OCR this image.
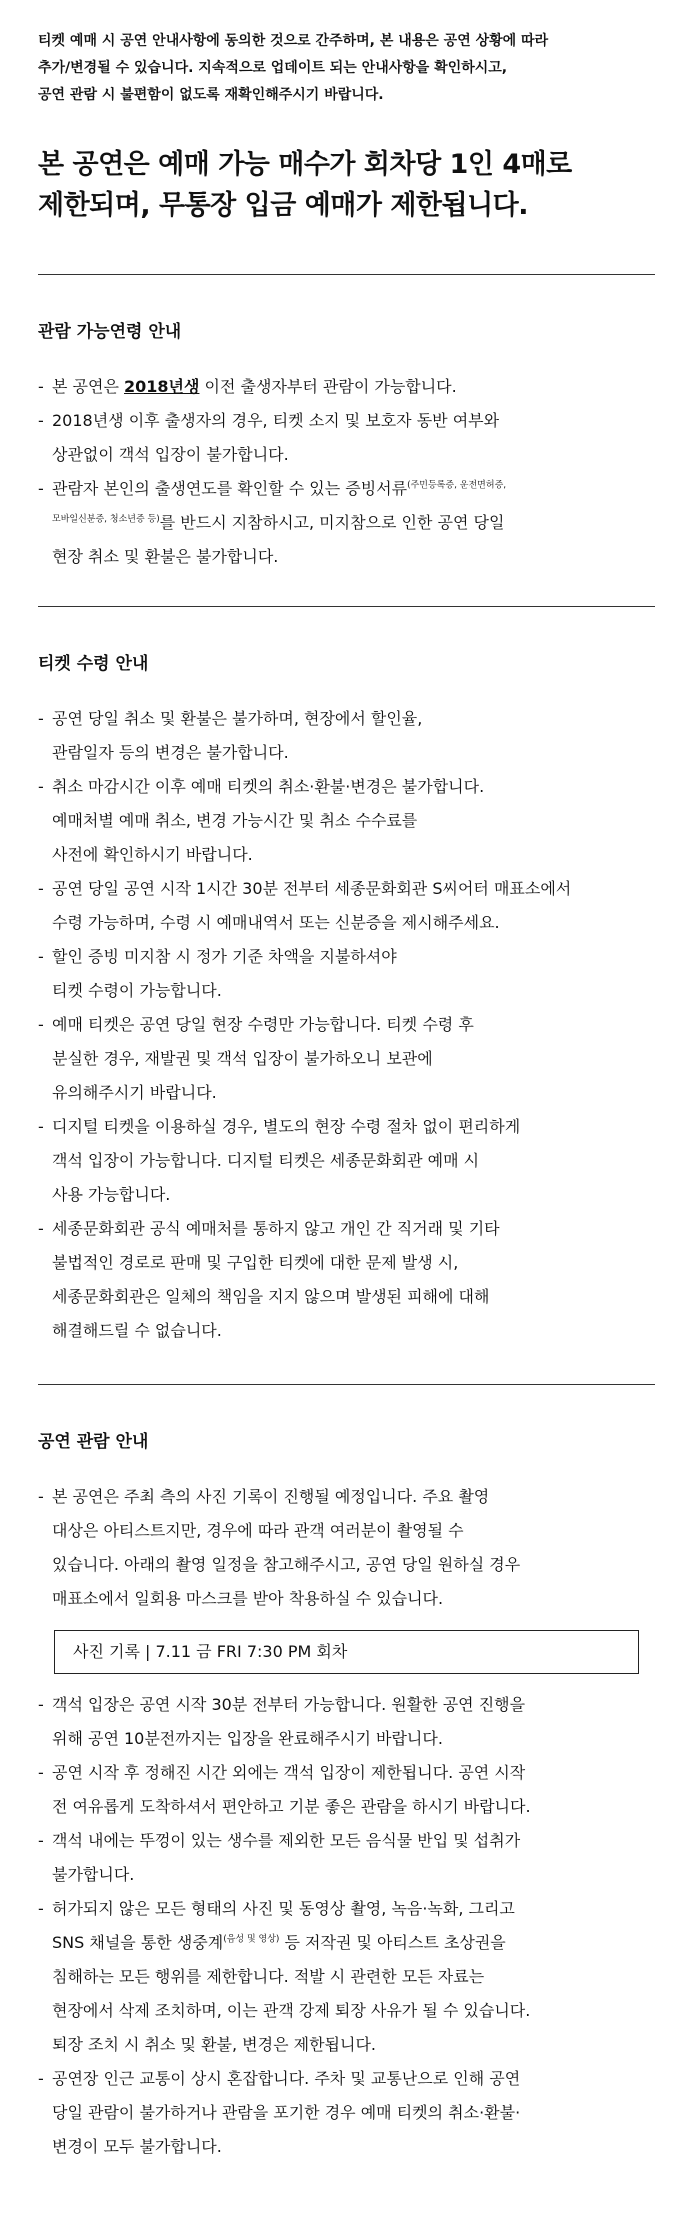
티켓 예매 시 공연 안내사항에 동의한 것으로 간주하며, 본 내용은 공연 상황에 따라

추가/변경될 수 있습니다. 지속적으로 업데이트 되는 안내사항을 확인하시고,

공연 관람 시 불편함이 없도록 재확인해주시기 바랍니다.

본 공연은 예매 가능 매수가 회차당 1인 4매로

제한되며, 무통장 입금 예매가 제한됩니다.

관람 가능연령 안내
- 본 공연은 2018년생 이전 출생자부터 관람이 가능합니다.
- 2018년생 이후 출생자의 경우, 티켓 소지 및 보호자 동반 여부와
상관없이 객석 입장이 불가합니다.
- 관람자 본인의 출생연도를 확인할 수 있는 증빙서류$^{(주민등록증, 운전면허증,}$
$^{모바일신분증, 청소년증 등)}$를 반드시 지참하시고, 미지참으로 인한 공연 당일
현장 취소 및 환불은 불가합니다.
티켓 수령 안내
- 공연 당일 취소 및 환불은 불가하며, 현장에서 할인율,
관람일자 등의 변경은 불가합니다.
- 취소 마감시간 이후 예매 티켓의 취소·환불·변경은 불가합니다.
예매처별 예매 취소, 변경 가능시간 및 취소 수수료를
사전에 확인하시기 바랍니다.
- 공연 당일 공연 시작 1시간 30분 전부터 세종문화회관 S씨어터 매표소에서
수령 가능하며, 수령 시 예매내역서 또는 신분증을 제시해주세요.
- 할인 증빙 미지참 시 정가 기준 차액을 지불하셔야
티켓 수령이 가능합니다.
- 예매 티켓은 공연 당일 현장 수령만 가능합니다. 티켓 수령 후
분실한 경우, 재발권 및 객석 입장이 불가하오니 보관에
유의해주시기 바랍니다.
- 디지털 티켓을 이용하실 경우, 별도의 현장 수령 절차 없이 편리하게
객석 입장이 가능합니다. 디지털 티켓은 세종문화회관 예매 시
사용 가능합니다.
- 세종문화회관 공식 예매처를 통하지 않고 개인 간 직거래 및 기타
불법적인 경로로 판매 및 구입한 티켓에 대한 문제 발생 시,
세종문화회관은 일체의 책임을 지지 않으며 발생된 피해에 대해
해결해드릴 수 없습니다.
공연 관람 안내
- 본 공연은 주최 측의 사진 기록이 진행될 예정입니다. 주요 촬영
대상은 아티스트지만, 경우에 따라 관객 여러분이 촬영될 수
있습니다. 아래의 촬영 일정을 참고해주시고, 공연 당일 원하실 경우
매표소에서 일회용 마스크를 받아 착용하실 수 있습니다.
사진 기록 | 7.11 금 FRI 7:30 PM 회차
- 객석 입장은 공연 시작 30분 전부터 가능합니다. 원활한 공연 진행을
위해 공연 10분전까지는 입장을 완료해주시기 바랍니다.
- 공연 시작 후 정해진 시간 외에는 객석 입장이 제한됩니다. 공연 시작
전 여유롭게 도착하셔서 편안하고 기분 좋은 관람을 하시기 바랍니다.
- 객석 내에는 뚜껑이 있는 생수를 제외한 모든 음식물 반입 및 섭취가
불가합니다.
- 허가되지 않은 모든 형태의 사진 및 동영상 촬영, 녹음·녹화, 그리고
SNS 채널을 통한 생중계$^{(음성 및 영상)}$ 등 저작권 및 아티스트 초상권을
침해하는 모든 행위를 제한합니다. 적발 시 관련한 모든 자료는
현장에서 삭제 조치하며, 이는 관객 강제 퇴장 사유가 될 수 있습니다.
퇴장 조치 시 취소 및 환불, 변경은 제한됩니다.
- 공연장 인근 교통이 상시 혼잡합니다. 주차 및 교통난으로 인해 공연
당일 관람이 불가하거나 관람을 포기한 경우 예매 티켓의 취소·환불·
변경이 모두 불가합니다.
